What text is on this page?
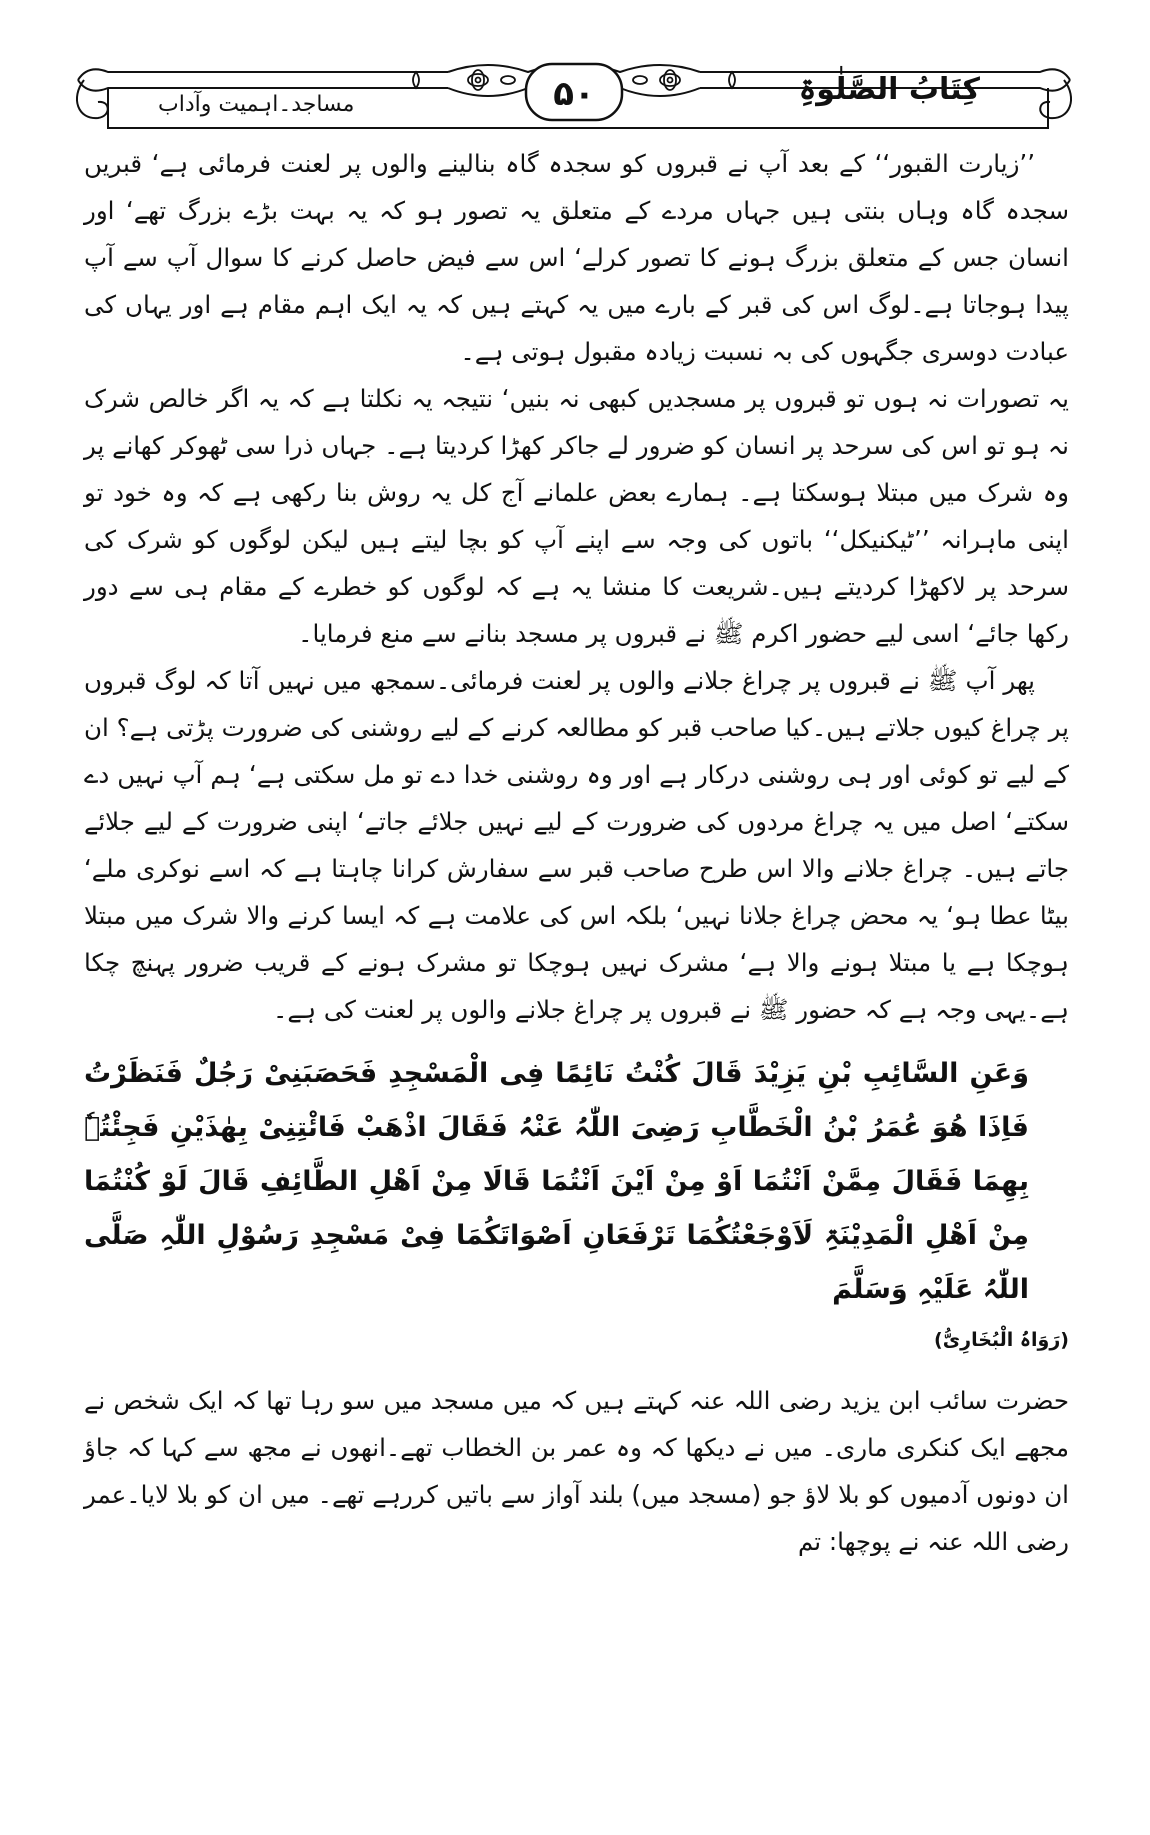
مساجد۔اہمیت وآداب	۵۰	کِتَابُ الصَّلٰوۃِ

’’زیارت القبور‘‘ کے بعد آپ نے قبروں کو سجدہ گاہ بنالینے والوں پر لعنت فرمائی ہے‘ قبریں سجدہ گاہ وہاں بنتی ہیں جہاں مردے کے متعلق یہ تصور ہو کہ یہ بہت بڑے بزرگ تھے‘ اور انسان جس کے متعلق بزرگ ہونے کا تصور کرلے‘ اس سے فیض حاصل کرنے کا سوال آپ سے آپ پیدا ہوجاتا ہے۔لوگ اس کی قبر کے بارے میں یہ کہتے ہیں کہ یہ ایک اہم مقام ہے اور یہاں کی عبادت دوسری جگہوں کی بہ نسبت زیادہ مقبول ہوتی ہے۔

یہ تصورات نہ ہوں تو قبروں پر مسجدیں کبھی نہ بنیں‘ نتیجہ یہ نکلتا ہے کہ یہ اگر خالص شرک نہ ہو تو اس کی سرحد پر انسان کو ضرور لے جاکر کھڑا کردیتا ہے۔ جہاں ذرا سی ٹھوکر کھانے پر وہ شرک میں مبتلا ہوسکتا ہے۔ ہمارے بعض علمانے آج کل یہ روش بنا رکھی ہے کہ وہ خود تو اپنی ماہرانہ ’’ٹیکنیکل‘‘ باتوں کی وجہ سے اپنے آپ کو بچا لیتے ہیں لیکن لوگوں کو شرک کی سرحد پر لاکھڑا کردیتے ہیں۔شریعت کا منشا یہ ہے کہ لوگوں کو خطرے کے مقام ہی سے دور رکھا جائے‘ اسی لیے حضور اکرم ﷺ نے قبروں پر مسجد بنانے سے منع فرمایا۔

پھر آپ ﷺ نے قبروں پر چراغ جلانے والوں پر لعنت فرمائی۔سمجھ میں نہیں آتا کہ لوگ قبروں پر چراغ کیوں جلاتے ہیں۔کیا صاحب قبر کو مطالعہ کرنے کے لیے روشنی کی ضرورت پڑتی ہے؟ ان کے لیے تو کوئی اور ہی روشنی درکار ہے اور وہ روشنی خدا دے تو مل سکتی ہے‘ ہم آپ نہیں دے سکتے‘ اصل میں یہ چراغ مردوں کی ضرورت کے لیے نہیں جلائے جاتے‘ اپنی ضرورت کے لیے جلائے جاتے ہیں۔ چراغ جلانے والا اس طرح صاحب قبر سے سفارش کرانا چاہتا ہے کہ اسے نوکری ملے‘ بیٹا عطا ہو‘ یہ محض چراغ جلانا نہیں‘ بلکہ اس کی علامت ہے کہ ایسا کرنے والا شرک میں مبتلا ہوچکا ہے یا مبتلا ہونے والا ہے‘ مشرک نہیں ہوچکا تو مشرک ہونے کے قریب ضرور پہنچ چکا ہے۔یہی وجہ ہے کہ حضور ﷺ نے قبروں پر چراغ جلانے والوں پر لعنت کی ہے۔

وَعَنِ السَّائِبِ بْنِ یَزِیْدَ قَالَ کُنْتُ نَائِمًا فِی الْمَسْجِدِ فَحَصَبَنِیْ رَجُلٌ فَنَظَرْتُ فَاِذَا ھُوَ عُمَرُ بْنُ الْخَطَّابِ رَضِیَ اللّٰہُ عَنْہُ فَقَالَ اذْھَبْ فَائْتِنِیْ بِھٰذَیْنِ فَجِئْتُہٗ بِھِمَا فَقَالَ مِمَّنْ اَنْتُمَا اَوْ مِنْ اَیْنَ اَنْتُمَا قَالَا مِنْ اَھْلِ الطَّائِفِ قَالَ لَوْ کُنْتُمَا مِنْ اَھْلِ الْمَدِیْنَۃِ لَاَوْجَعْتُکُمَا تَرْفَعَانِ اَصْوَاتَکُمَا فِیْ مَسْجِدِ رَسُوْلِ اللّٰہِ صَلَّی اللّٰہُ عَلَیْہِ وَسَلَّمَ

(رَوَاہُ الْبُخَارِیُّ)

حضرت سائب ابن یزید رضی اللہ عنہ کہتے ہیں کہ میں مسجد میں سو رہا تھا کہ ایک شخص نے مجھے ایک کنکری ماری۔ میں نے دیکھا کہ وہ عمر بن الخطاب تھے۔انھوں نے مجھ سے کہا کہ جاؤ ان دونوں آدمیوں کو بلا لاؤ جو (مسجد میں) بلند آواز سے باتیں کررہے تھے۔ میں ان کو بلا لایا۔عمر رضی اللہ عنہ نے پوچھا: تم
